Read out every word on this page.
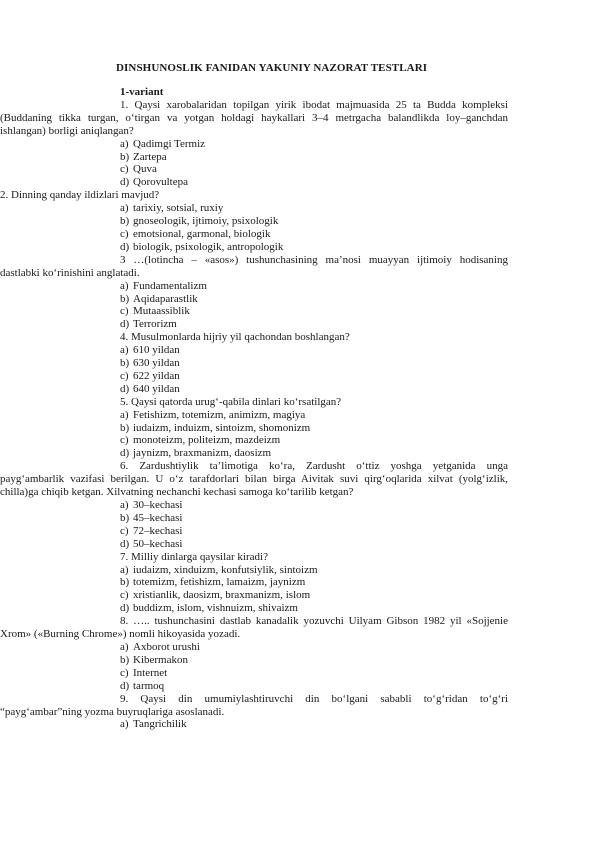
DINSHUNOSLIK FANIDAN YAKUNIY NAZORAT TESTLARI
1-variant
1. Qaysi xarobalaridan topilgan yirik ibodat majmuasida 25 ta Budda kompleksi (Buddaning tikka turgan, o‘tirgan va yotgan holdagi haykallari 3–4 metrgacha balandlikda loy–ganchdan ishlangan) borligi aniqlangan?
a) Qadimgi Termiz
b) Zartepa
c) Quva
d) Qorovultepa
2. Dinning qanday ildizlari mavjud?
a) tarixiy, sotsial, ruxiy
b) gnoseologik, ijtimoiy, psixologik
c) emotsional, garmonal, biologik
d) biologik, psixologik, antropologik
3 …(lotincha – «asos») tushunchasining ma’nosi muayyan ijtimoiy hodisaning dastlabki ko‘rinishini anglatadi.
a) Fundamentalizm
b) Aqidaparastlik
c) Mutaassiblik
d) Terrorizm
4. Musulmonlarda hijriy yil qachondan boshlangan?
a) 610 yildan
b) 630 yildan
c) 622 yildan
d) 640 yildan
5. Qaysi qatorda urug‘-qabila dinlari ko‘rsatilgan?
a) Fetishizm, totemizm, animizm, magiya
b) iudaizm, induizm, sintoizm, shomonizm
c) monoteizm, politeizm, mazdeizm
d) jaynizm, braxmanizm, daosizm
6. Zardushtiylik ta’limotiga ko‘ra, Zardusht o‘ttiz yoshga yetganida unga payg‘ambarlik vazifasi berilgan. U o‘z tarafdorlari bilan birga Aivitak suvi qirg‘oqlarida xilvat (yolg‘izlik, chilla)ga chiqib ketgan. Xilvatning nechanchi kechasi samoga ko‘tarilib ketgan?
a) 30–kechasi
b) 45–kechasi
c) 72–kechasi
d) 50–kechasi
7. Milliy dinlarga qaysilar kiradi?
a) iudaizm, xinduizm, konfutsiylik, sintoizm
b) totemizm, fetishizm, lamaizm, jaynizm
c) xristianlik, daosizm, braxmanizm, islom
d) buddizm, islom, vishnuizm, shivaizm
8. ….. tushunchasini dastlab kanadalik yozuvchi Uilyam Gibson 1982 yil «Sojjenie Xrom» («Burning Chrome») nomli hikoyasida yozadi.
a) Axborot urushi
b) Kibermakon
c) Internet
d) tarmoq
9. Qaysi din umumiylashtiruvchi din bo‘lgani sababli to‘g‘ridan to‘g‘ri “payg‘ambar”ning yozma buyruqlariga asoslanadi.
a) Tangrichilik
